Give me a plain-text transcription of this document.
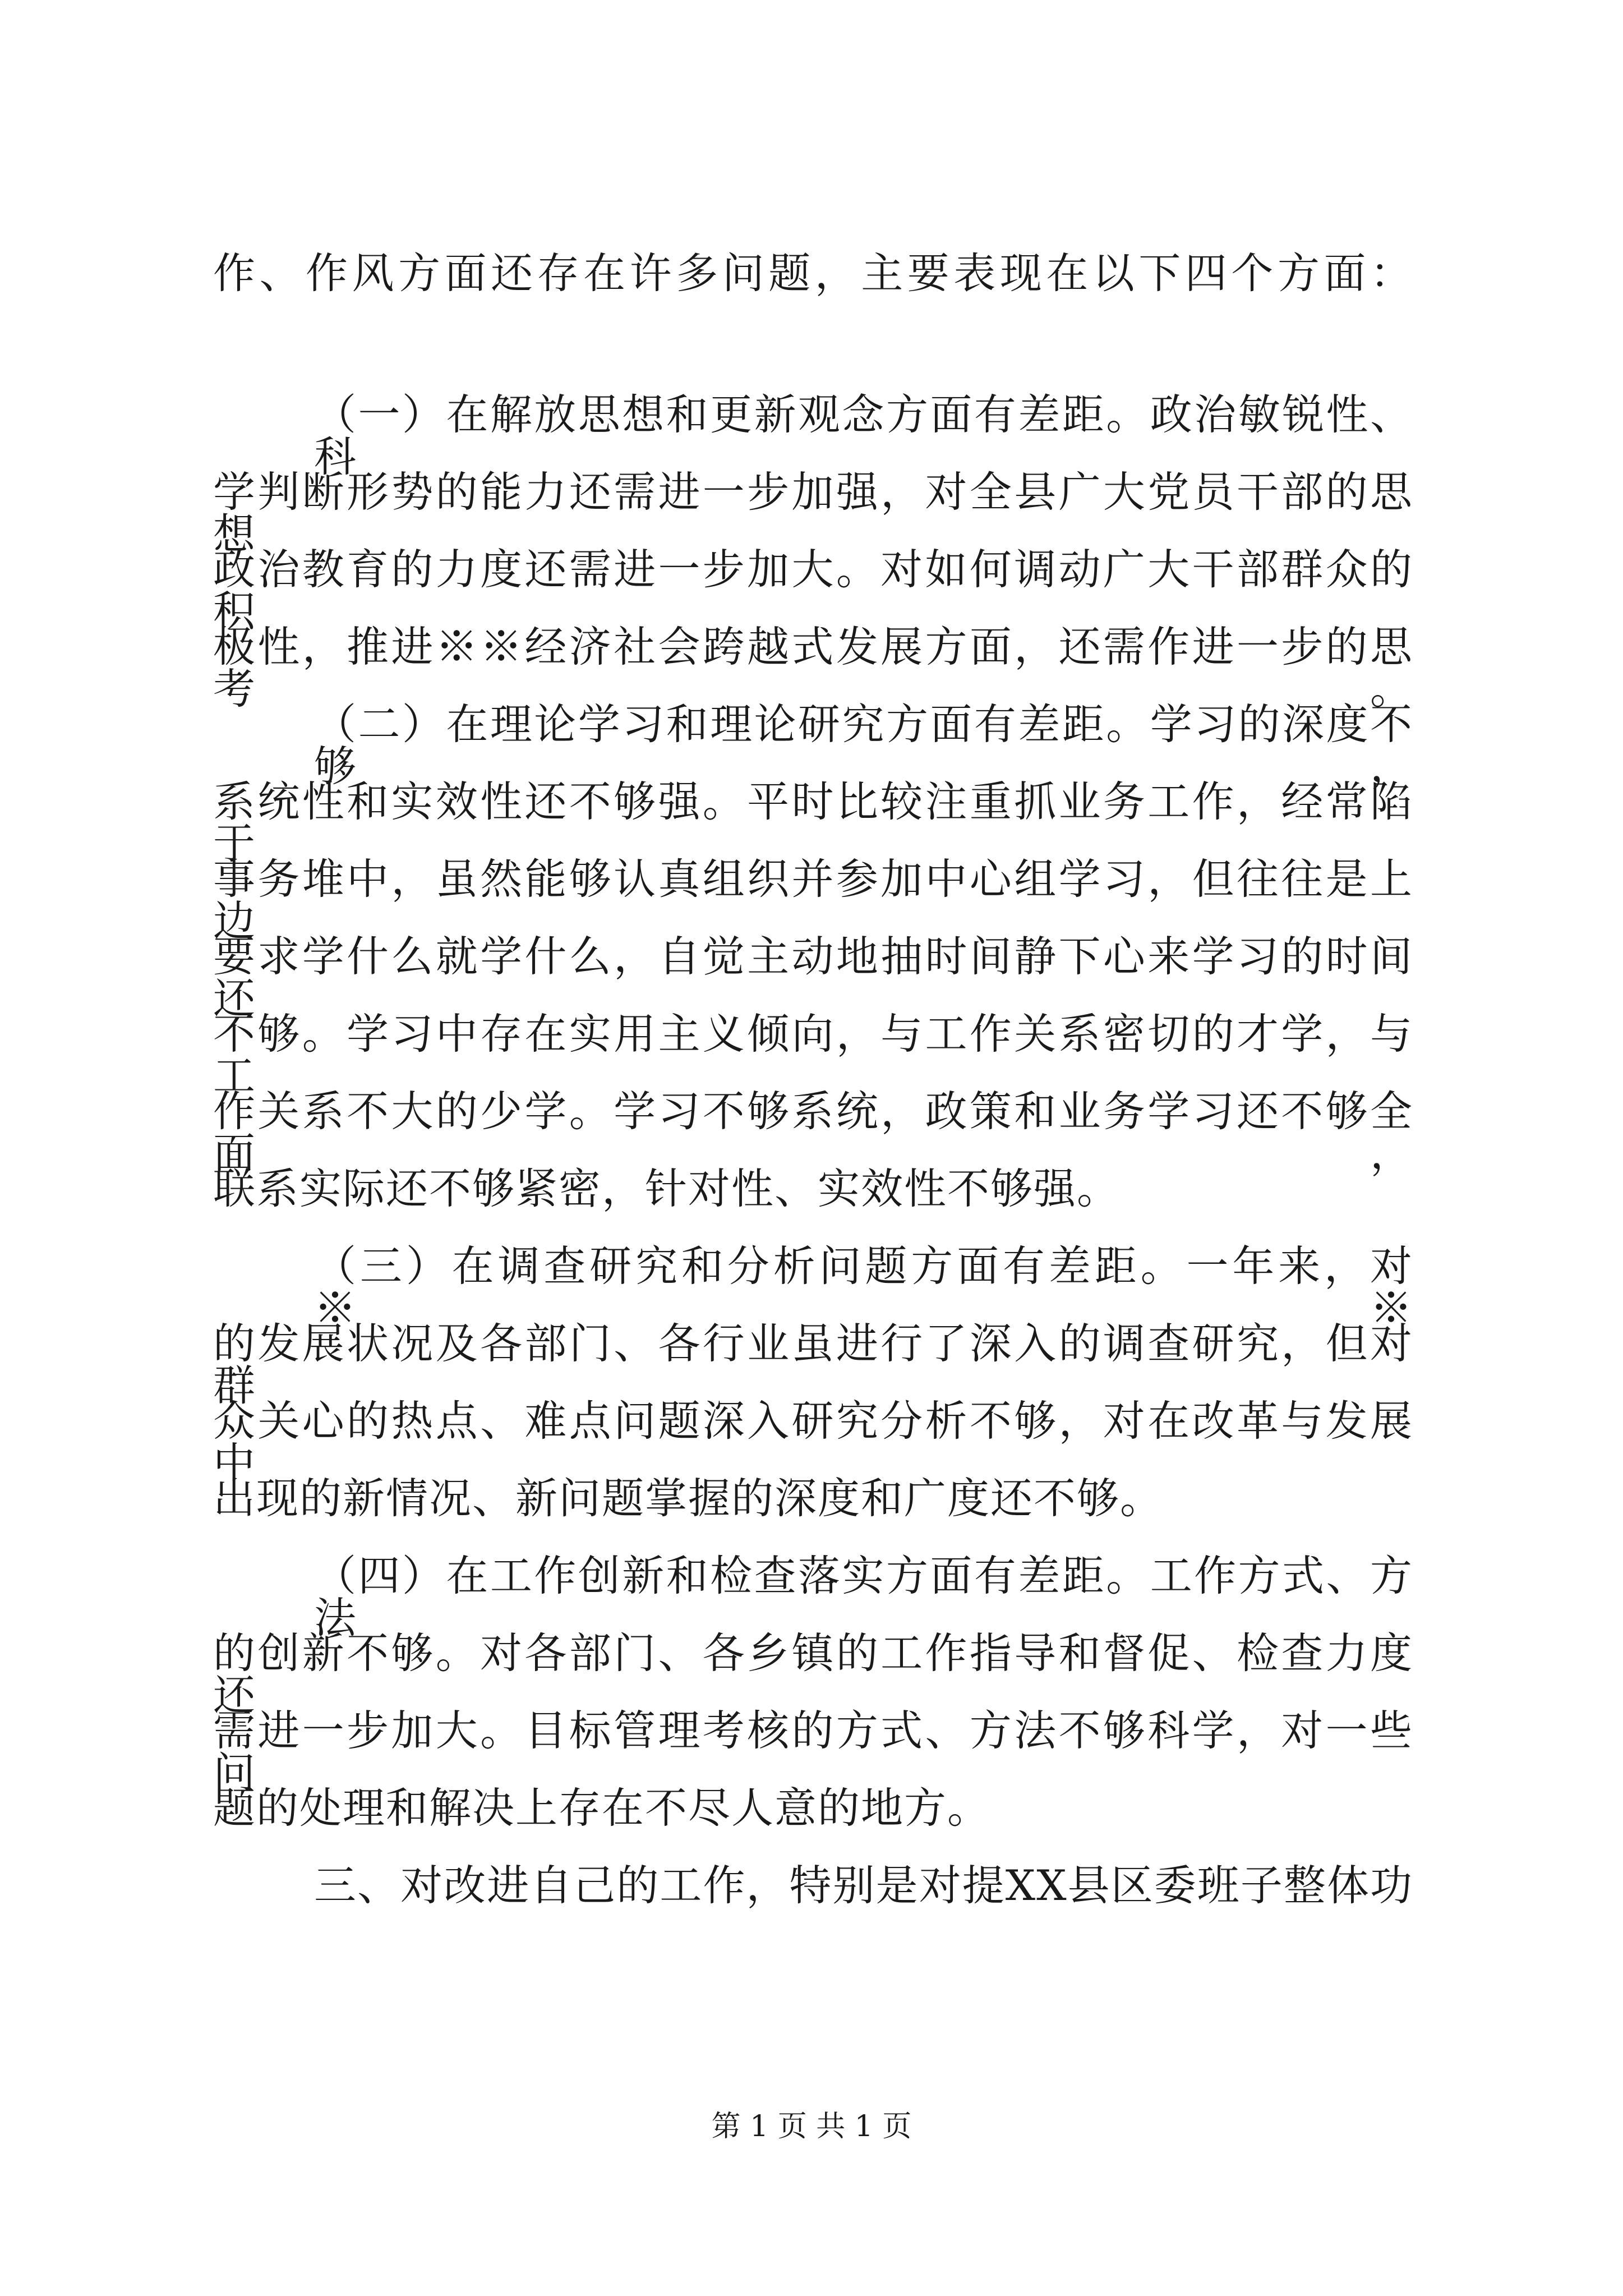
作、作风方面还存在许多问题，主要表现在以下四个方面：
（一）在解放思想和更新观念方面有差距。政治敏锐性、科
学判断形势的能力还需进一步加强，对全县广大党员干部的思想
政治教育的力度还需进一步加大。对如何调动广大干部群众的积
极性，推进※※经济社会跨越式发展方面，还需作进一步的思考。
（二）在理论学习和理论研究方面有差距。学习的深度不够，
系统性和实效性还不够强。平时比较注重抓业务工作，经常陷于
事务堆中，虽然能够认真组织并参加中心组学习，但往往是上边
要求学什么就学什么，自觉主动地抽时间静下心来学习的时间还
不够。学习中存在实用主义倾向，与工作关系密切的才学，与工
作关系不大的少学。学习不够系统，政策和业务学习还不够全面，
联系实际还不够紧密，针对性、实效性不够强。
（三）在调查研究和分析问题方面有差距。一年来，对※※
的发展状况及各部门、各行业虽进行了深入的调查研究，但对群
众关心的热点、难点问题深入研究分析不够，对在改革与发展中
出现的新情况、新问题掌握的深度和广度还不够。
（四）在工作创新和检查落实方面有差距。工作方式、方法
的创新不够。对各部门、各乡镇的工作指导和督促、检查力度还
需进一步加大。目标管理考核的方式、方法不够科学，对一些问
题的处理和解决上存在不尽人意的地方。
三、对改进自己的工作，特别是对提XX县区委班子整体功
第 1 页 共 1 页
